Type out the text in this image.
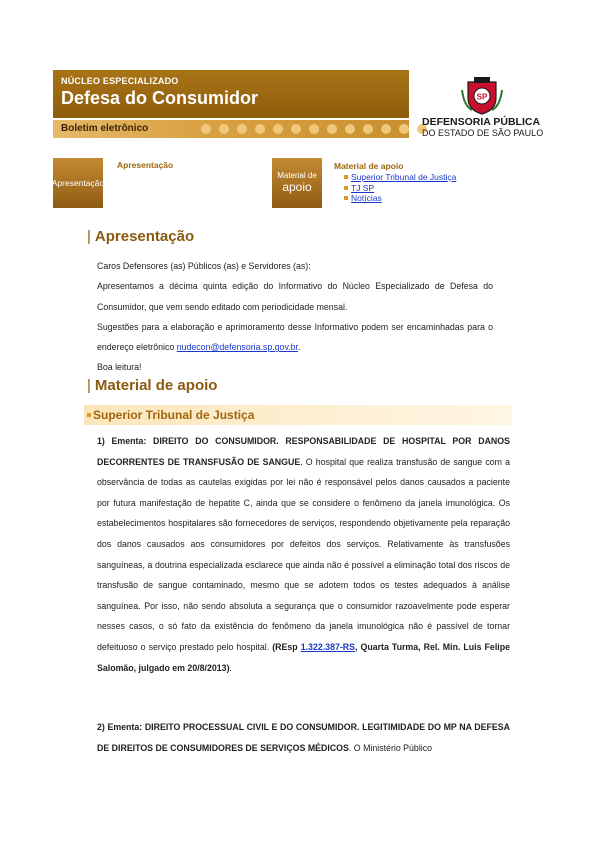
NÚCLEO ESPECIALIZADO
Defesa do Consumidor
Boletim eletrônico
SP
DEFENSORIA PÚBLICA
DO ESTADO DE SÃO PAULO
Apresentação
Apresentação
Material de
apoio
Material de apoio
Superior Tribunal de Justiça
TJ SP
Notícias
| Apresentação

Caros Defensores (as) Públicos (as) e Servidores (as):

Apresentamos a décima quinta edição do Informativo do Núcleo Especializado de Defesa do Consumidor, que vem sendo editado com periodicidade mensal.

Sugestões para a elaboração e aprimoramento desse Informativo podem ser encaminhadas para o endereço eletrônico nudecon@defensoria.sp.gov.br.

Boa leitura!

| Material de apoio
Superior Tribunal de Justiça

1) Ementa: DIREITO DO CONSUMIDOR. RESPONSABILIDADE DE HOSPITAL POR DANOS DECORRENTES DE TRANSFUSÃO DE SANGUE. O hospital que realiza transfusão de sangue com a observância de todas as cautelas exigidas por lei não é responsável pelos danos causados a paciente por futura manifestação de hepatite C, ainda que se considere o fenômeno da janela imunológica. Os estabelecimentos hospitalares são fornecedores de serviços, respondendo objetivamente pela reparação dos danos causados aos consumidores por defeitos dos serviços. Relativamente às transfusões sanguíneas, a doutrina especializada esclarece que ainda não é possível a eliminação total dos riscos de transfusão de sangue contaminado, mesmo que se adotem todos os testes adequados à análise sanguínea. Por isso, não sendo absoluta a segurança que o consumidor razoavelmente pode esperar nesses casos, o só fato da existência do fenômeno da janela imunológica não é passível de tornar defeituoso o serviço prestado pelo hospital. (REsp 1.322.387-RS, Quarta Turma, Rel. Min. Luis Felipe Salomão, julgado em 20/8/2013).

2) Ementa: DIREITO PROCESSUAL CIVIL E DO CONSUMIDOR. LEGITIMIDADE DO MP NA DEFESA DE DIREITOS DE CONSUMIDORES DE SERVIÇOS MÉDICOS. O Ministério Público
